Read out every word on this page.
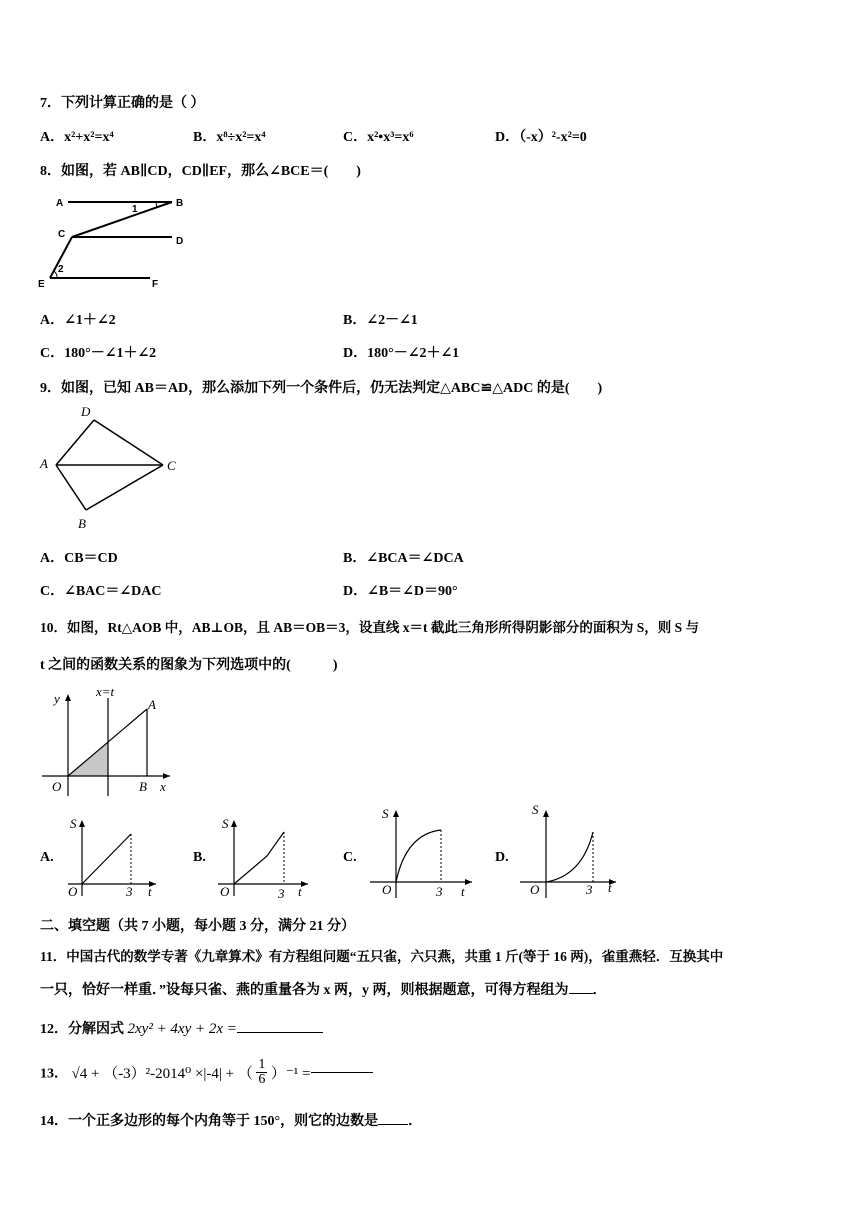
7．下列计算正确的是（ ）
A．x²+x²=x⁴	B．x⁸÷x²=x⁴	C．x²•x³=x⁶	D．（-x）²-x²=0
8．如图，若 AB∥CD，CD∥EF，那么∠BCE＝(　　)
A	B
C
D
E	F
1
2
A．∠1＋∠2	B．∠2－∠1
C．180°－∠1＋∠2	D．180°－∠2＋∠1
9．如图，已知 AB＝AD，那么添加下列一个条件后，仍无法判定△ABC≌△ADC 的是(　　)
D
A	C
B
A．CB＝CD	B．∠BCA＝∠DCA
C．∠BAC＝∠DAC	D．∠B＝∠D＝90°
10．如图，Rt△AOB 中，AB⊥OB，且 AB＝OB＝3，设直线 x＝t 截此三角形所得阴影部分的面积为 S，则 S 与
t 之间的函数关系的图象为下列选项中的(　　　)
y	x=t
A
O	B x
A.
S
O	3 t
B.
S
O	3 t
C.
S
O	3 t
D.
S
O	3 t
二、填空题（共 7 小题，每小题 3 分，满分 21 分）
11．中国古代的数学专著《九章算术》有方程组问题“五只雀，六只燕，共重 1 斤(等于 16 两)，雀重燕轻．互换其中
一只，恰好一样重．”设每只雀、燕的重量各为 x 两，y 两，则根据题意，可得方程组为 ．
12．分解因式 2xy² + 4xy + 2x =
13． √4 + （-3）²-2014⁰ ×|-4| + （ $\frac{1}{6} )^{-1}$ =
14．一个正多边形的每个内角等于 150°，则它的边数是 ．
